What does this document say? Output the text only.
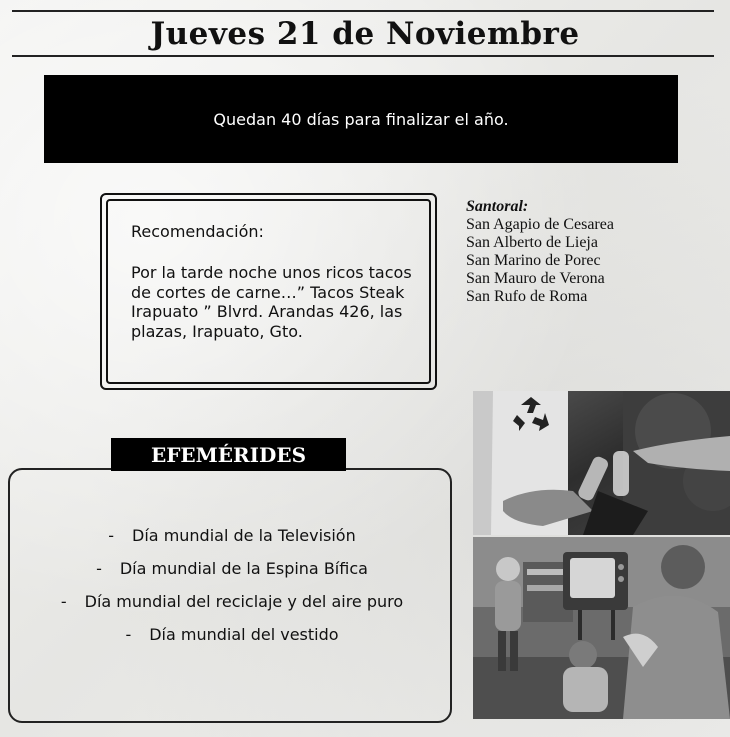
Jueves 21 de Noviembre
Quedan 40 días para finalizar el año.
Recomendación:
Por la tarde noche unos ricos tacos de cortes de carne…” Tacos Steak Irapuato ” Blvrd. Arandas 426, las plazas, Irapuato, Gto.
Santoral:
San Agapio de Cesarea
San Alberto de Lieja
San Marino de Porec
San Mauro de Verona
San Rufo de Roma
EFEMÉRIDES
- Día mundial de la Televisión
- Día mundial de la Espina Bífica
- Día mundial del reciclaje y del aire puro
- Día mundial del vestido
